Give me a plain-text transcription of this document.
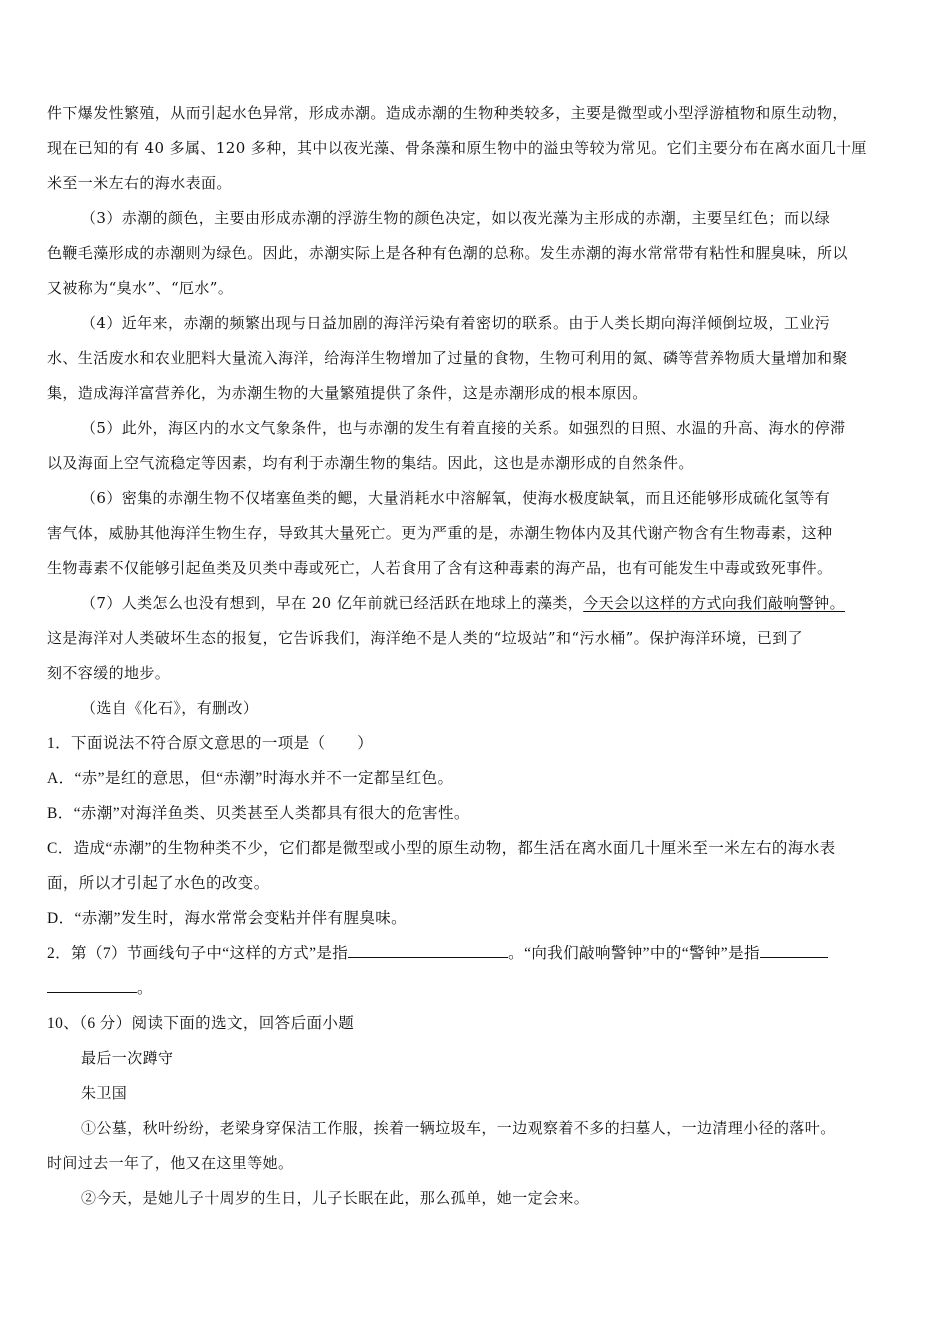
件下爆发性繁殖，从而引起水色异常，形成赤潮。造成赤潮的生物种类较多，主要是微型或小型浮游植物和原生动物，
现在已知的有 40 多属、120 多种，其中以夜光藻、骨条藻和原生物中的溢虫等较为常见。它们主要分布在离水面几十厘
米至一米左右的海水表面。
（3）赤潮的颜色，主要由形成赤潮的浮游生物的颜色决定，如以夜光藻为主形成的赤潮，主要呈红色；而以绿
色鞭毛藻形成的赤潮则为绿色。因此，赤潮实际上是各种有色潮的总称。发生赤潮的海水常常带有粘性和腥臭味，所以
又被称为“臭水”、“厄水”。
（4）近年来，赤潮的频繁出现与日益加剧的海洋污染有着密切的联系。由于人类长期向海洋倾倒垃圾，工业污
水、生活废水和农业肥料大量流入海洋，给海洋生物增加了过量的食物，生物可利用的氮、磷等营养物质大量增加和聚
集，造成海洋富营养化，为赤潮生物的大量繁殖提供了条件，这是赤潮形成的根本原因。
（5）此外，海区内的水文气象条件，也与赤潮的发生有着直接的关系。如强烈的日照、水温的升高、海水的停滞
以及海面上空气流稳定等因素，均有利于赤潮生物的集结。因此，这也是赤潮形成的自然条件。
（6）密集的赤潮生物不仅堵塞鱼类的鳃，大量消耗水中溶解氧，使海水极度缺氧，而且还能够形成硫化氢等有
害气体，威胁其他海洋生物生存，导致其大量死亡。更为严重的是，赤潮生物体内及其代谢产物含有生物毒素，这种
生物毒素不仅能够引起鱼类及贝类中毒或死亡，人若食用了含有这种毒素的海产品，也有可能发生中毒或致死事件。
（7）人类怎么也没有想到，早在 20 亿年前就已经活跃在地球上的藻类，今天会以这样的方式向我们敲响警钟。
这是海洋对人类破坏生态的报复，它告诉我们，海洋绝不是人类的“垃圾站”和“污水桶”。保护海洋环境，已到了
刻不容缓的地步。
（选自《化石》，有删改）
1．下面说法不符合原文意思的一项是（　　）
A．“赤”是红的意思，但“赤潮”时海水并不一定都呈红色。
B．“赤潮”对海洋鱼类、贝类甚至人类都具有很大的危害性。
C．造成“赤潮”的生物种类不少，它们都是微型或小型的原生动物，都生活在离水面几十厘米至一米左右的海水表
面，所以才引起了水色的改变。
D．“赤潮”发生时，海水常常会变粘并伴有腥臭味。
2．第（7）节画线句子中“这样的方式”是指	。“向我们敲响警钟”中的“警钟”是指
。
10、（6 分）阅读下面的选文，回答后面小题
最后一次蹲守
朱卫国
①公墓，秋叶纷纷，老梁身穿保洁工作服，挨着一辆垃圾车，一边观察着不多的扫墓人，一边清理小径的落叶。
时间过去一年了，他又在这里等她。
②今天，是她儿子十周岁的生日，儿子长眠在此，那么孤单，她一定会来。
